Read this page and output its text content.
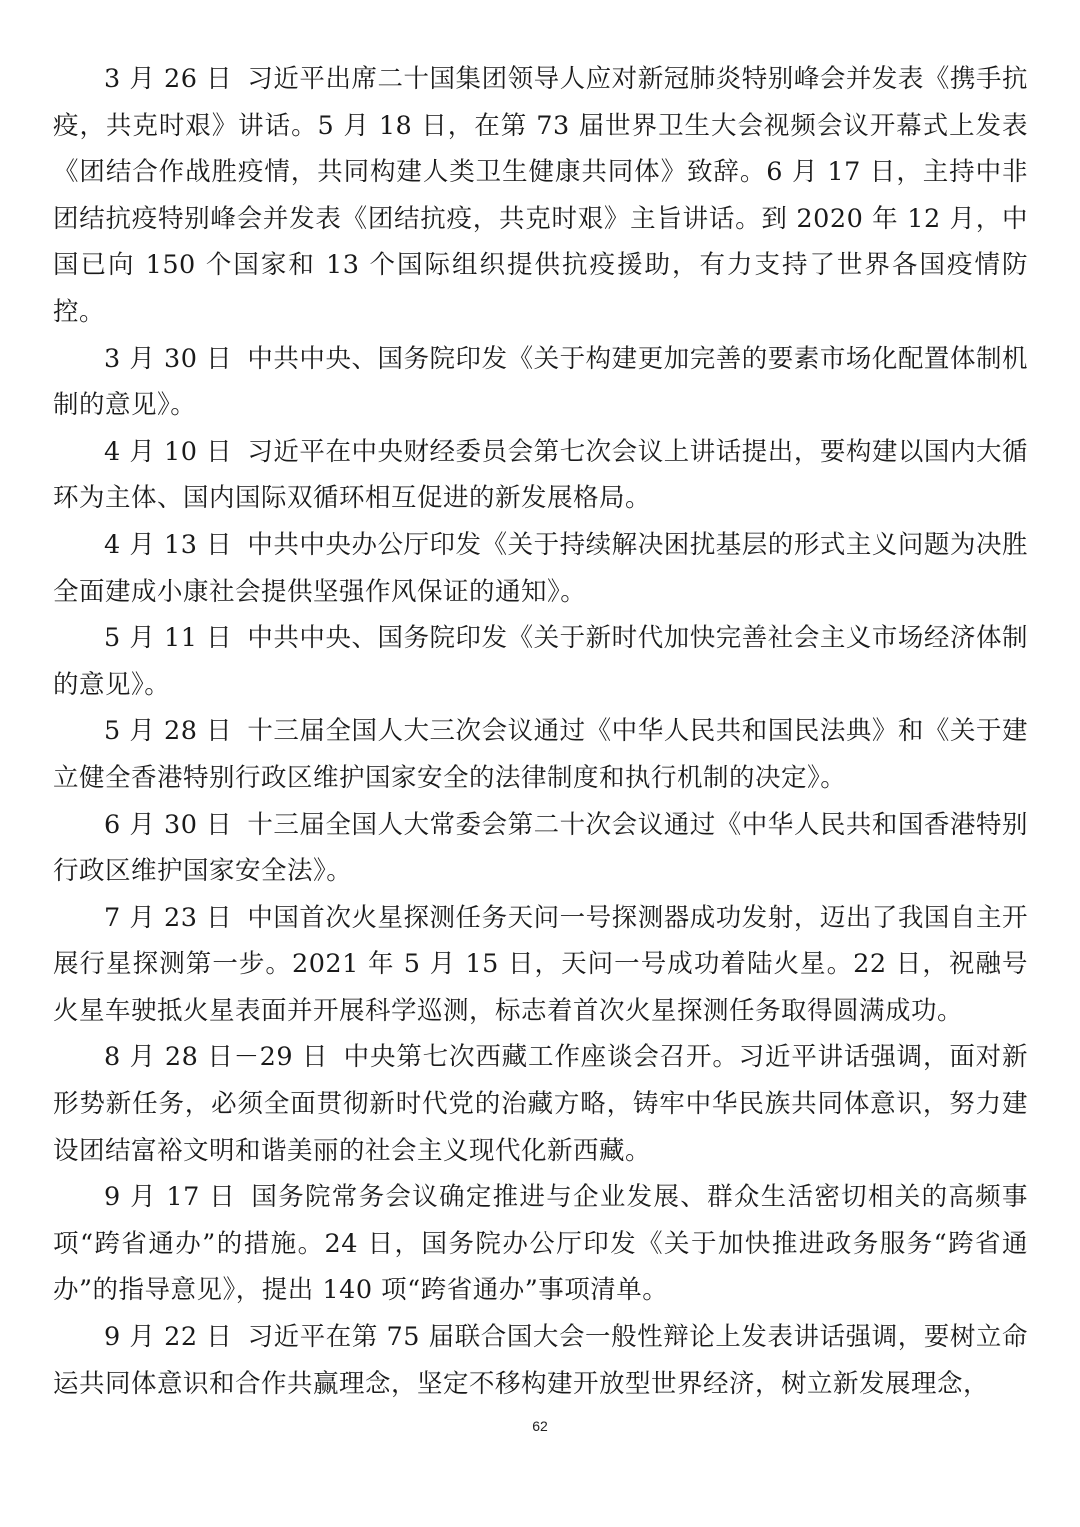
3 月 26 日 习近平出席二十国集团领导人应对新冠肺炎特别峰会并发表《携手抗疫，共克时艰》讲话。5 月 18 日，在第 73 届世界卫生大会视频会议开幕式上发表《团结合作战胜疫情，共同构建人类卫生健康共同体》致辞。6 月 17 日，主持中非团结抗疫特别峰会并发表《团结抗疫，共克时艰》主旨讲话。到 2020 年 12 月，中国已向 150 个国家和 13 个国际组织提供抗疫援助，有力支持了世界各国疫情防控。

3 月 30 日 中共中央、国务院印发《关于构建更加完善的要素市场化配置体制机制的意见》。

4 月 10 日 习近平在中央财经委员会第七次会议上讲话提出，要构建以国内大循环为主体、国内国际双循环相互促进的新发展格局。

4 月 13 日 中共中央办公厅印发《关于持续解决困扰基层的形式主义问题为决胜全面建成小康社会提供坚强作风保证的通知》。

5 月 11 日 中共中央、国务院印发《关于新时代加快完善社会主义市场经济体制的意见》。

5 月 28 日 十三届全国人大三次会议通过《中华人民共和国民法典》和《关于建立健全香港特别行政区维护国家安全的法律制度和执行机制的决定》。

6 月 30 日 十三届全国人大常委会第二十次会议通过《中华人民共和国香港特别行政区维护国家安全法》。

7 月 23 日 中国首次火星探测任务天问一号探测器成功发射，迈出了我国自主开展行星探测第一步。2021 年 5 月 15 日，天问一号成功着陆火星。22 日，祝融号火星车驶抵火星表面并开展科学巡测，标志着首次火星探测任务取得圆满成功。

8 月 28 日－29 日 中央第七次西藏工作座谈会召开。习近平讲话强调，面对新形势新任务，必须全面贯彻新时代党的治藏方略，铸牢中华民族共同体意识，努力建设团结富裕文明和谐美丽的社会主义现代化新西藏。

9 月 17 日 国务院常务会议确定推进与企业发展、群众生活密切相关的高频事项“跨省通办”的措施。24 日，国务院办公厅印发《关于加快推进政务服务“跨省通办”的指导意见》，提出 140 项“跨省通办”事项清单。

9 月 22 日 习近平在第 75 届联合国大会一般性辩论上发表讲话强调，要树立命运共同体意识和合作共赢理念，坚定不移构建开放型世界经济，树立新发展理念，

62
